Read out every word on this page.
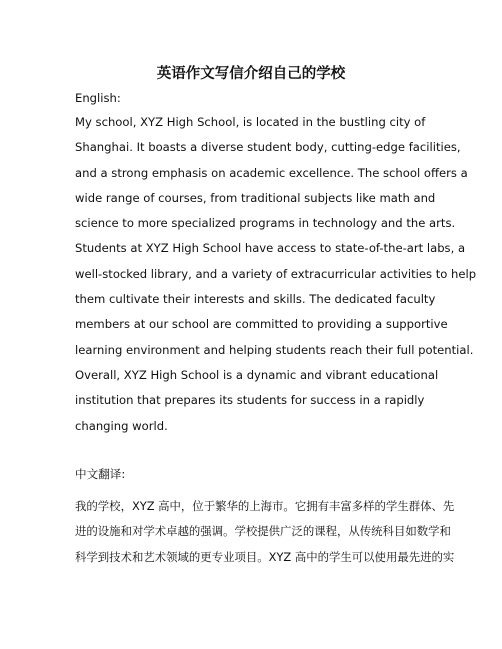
英语作文写信介绍自己的学校

English:

My school, XYZ High School, is located in the bustling city of
Shanghai. It boasts a diverse student body, cutting-edge facilities,
and a strong emphasis on academic excellence. The school offers a
wide range of courses, from traditional subjects like math and
science to more specialized programs in technology and the arts.
Students at XYZ High School have access to state-of-the-art labs, a
well-stocked library, and a variety of extracurricular activities to help
them cultivate their interests and skills. The dedicated faculty
members at our school are committed to providing a supportive
learning environment and helping students reach their full potential.
Overall, XYZ High School is a dynamic and vibrant educational
institution that prepares its students for success in a rapidly
changing world.

中文翻译:

我的学校，XYZ 高中，位于繁华的上海市。它拥有丰富多样的学生群体、先
进的设施和对学术卓越的强调。学校提供广泛的课程，从传统科目如数学和
科学到技术和艺术领域的更专业项目。XYZ 高中的学生可以使用最先进的实
